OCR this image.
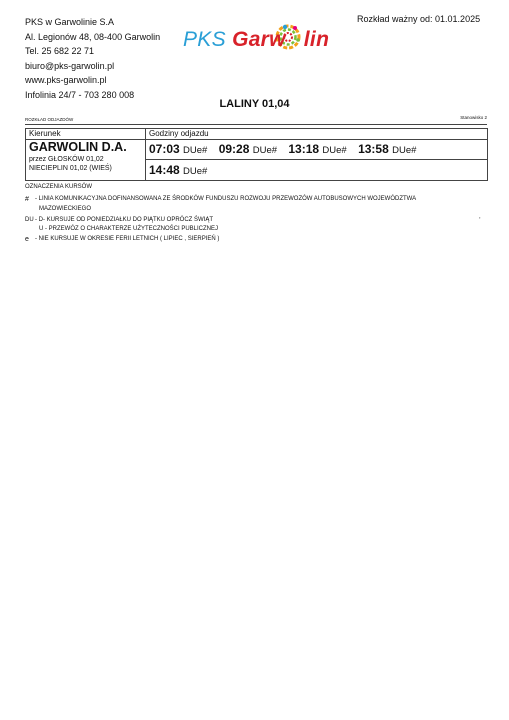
PKS w Garwolinie S.A
Al. Legionów 48, 08-400 Garwolin
Tel. 25 682 22 71
biuro@pks-garwolin.pl
www.pks-garwolin.pl
Infolinia 24/7 - 703 280 008
PKS Garw lin
Rozkład ważny od: 01.01.2025
LALINY 01,04
ROZKŁAD ODJAZDÓW	Stanowisko 2
Kierunek	Godziny odjazdu

GARWOLIN D.A.
przez GŁOSKÓW 01,02
NIECIEPLIN 01,02 (WIEŚ)	07:03 DUe# 09:28 DUe# 13:18 DUe# 13:58 DUe#
	14:48 DUe#
OZNACZENIA KURSÓW
# - LINIA KOMUNIKACYJNA DOFINANSOWANA ZE ŚRODKÓW FUNDUSZU ROZWOJU PRZEWOZÓW AUTOBUSOWYCH WOJEWÓDZTWA
MAZOWIECKIEGO
DU - D- KURSUJE OD PONIEDZIAŁKU DO PIĄTKU OPRÓCZ ŚWIĄT
U - PRZEWÓZ O CHARAKTERZE UŻYTECZNOŚCI PUBLICZNEJ
e - NIE KURSUJE W OKRESIE FERII LETNICH ( LIPIEC , SIERPIEŃ )
,
